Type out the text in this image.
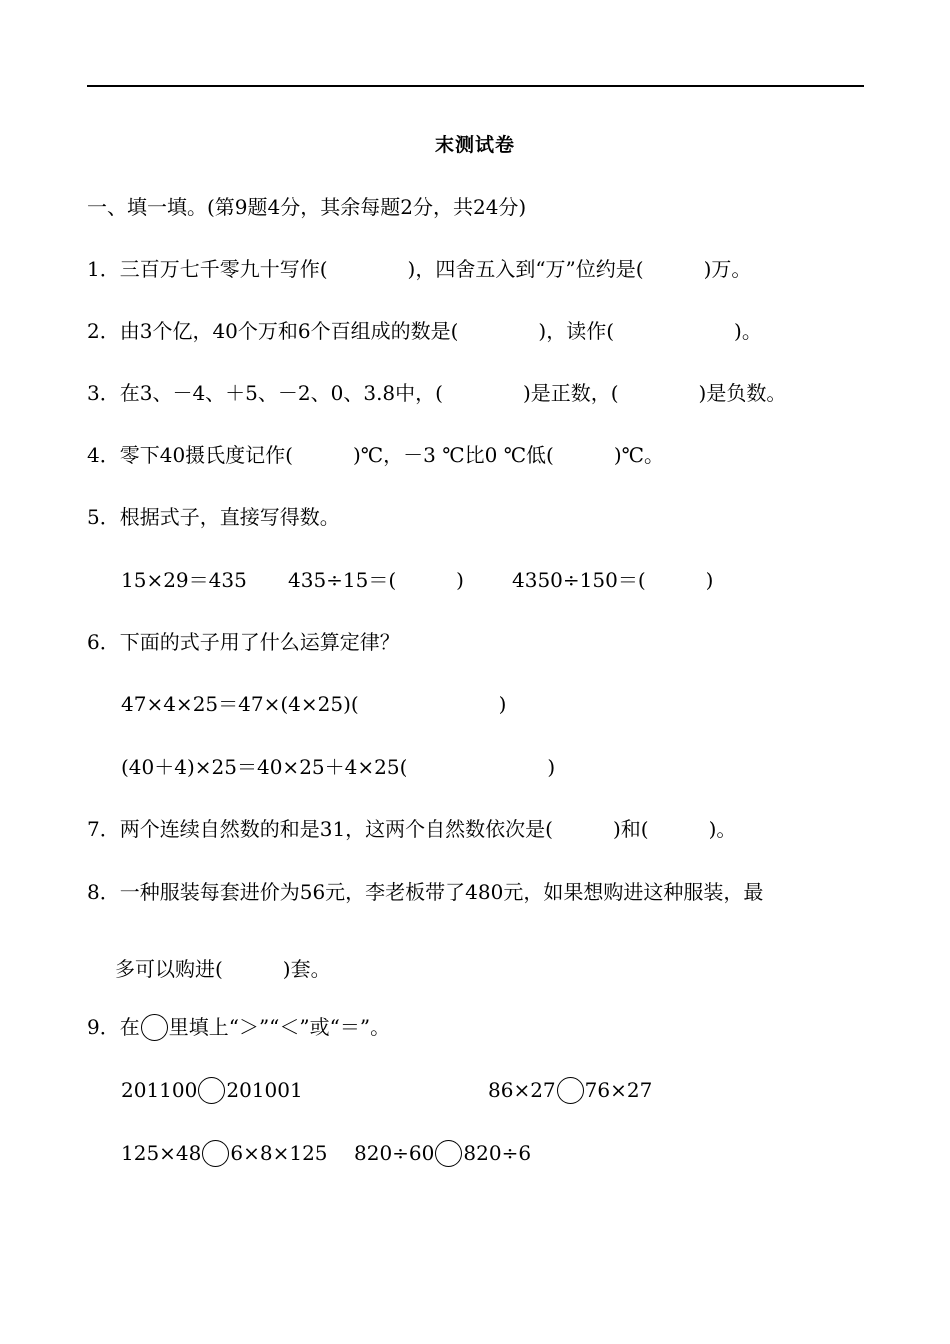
末测试卷
一、填一填。(第9题4分，其余每题2分，共24分)
1．三百万七千零九十写作(　　　　)，四舍五入到“万”位约是(　　　)万。
2．由3个亿，40个万和6个百组成的数是(　　　　)，读作(　　　　　　)。
3．在3、－4、＋5、－2、0、3.8中，(　　　　)是正数，(　　　　)是负数。
4．零下40摄氏度记作(　　　)℃，－3 ℃比0 ℃低(　　　)℃。
5．根据式子，直接写得数。
15×29＝435 435÷15＝(　　　) 4350÷150＝(　　　)
6．下面的式子用了什么运算定律？
47×4×25＝47×(4×25)(　　　　　　　)
(40＋4)×25＝40×25＋4×25(　　　　　　　)
7．两个连续自然数的和是31，这两个自然数依次是(　　　)和(　　　)。
8．一种服装每套进价为56元，李老板带了480元，如果想购进这种服装，最
多可以购进(　　　)套。
9．在 里填上“＞”“＜”或“＝”。
201100 201001	86×27 76×27
125×48 6×8×125 820÷60 820÷6
